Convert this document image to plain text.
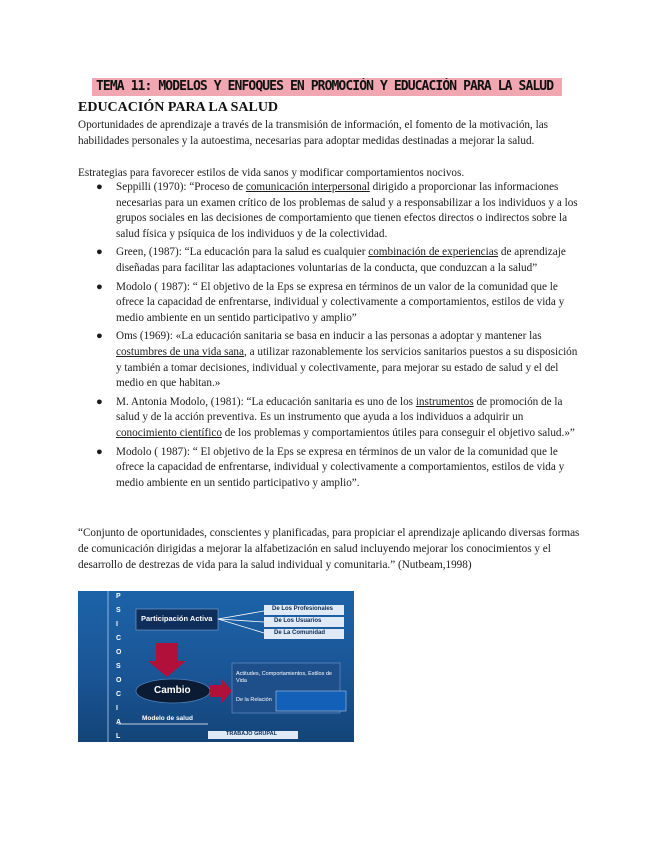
TEMA 11: MODELOS Y ENFOQUES EN PROMOCIÓN Y EDUCACIÓN PARA LA SALUD
EDUCACIÓN PARA LA SALUD

Oportunidades de aprendizaje a través de la transmisión de información, el fomento de la motivación, las habilidades personales y la autoestima, necesarias para adoptar medidas destinadas a mejorar la salud.

Estrategias para favorecer estilos de vida sanos y modificar comportamientos nocivos.

● Seppilli (1970): “Proceso de comunicación interpersonal dirigido a proporcionar las informaciones necesarias para un examen crítico de los problemas de salud y a responsabilizar a los individuos y a los grupos sociales en las decisiones de comportamiento que tienen efectos directos o indirectos sobre la salud física y psíquica de los individuos y de la colectividad.
● Green, (1987): “La educación para la salud es cualquier combinación de experiencias de aprendizaje diseñadas para facilitar las adaptaciones voluntarias de la conducta, que conduzcan a la salud”
● Modolo ( 1987): “ El objetivo de la Eps se expresa en términos de un valor de la comunidad que le ofrece la capacidad de enfrentarse, individual y colectivamente a comportamientos, estilos de vida y medio ambiente en un sentido participativo y amplio”
● Oms (1969): «La educación sanitaria se basa en inducir a las personas a adoptar y mantener las costumbres de una vida sana, a utilizar razonablemente los servicios sanitarios puestos a su disposición y también a tomar decisiones, individual y colectivamente, para mejorar su estado de salud y el del medio en que habitan.»
● M. Antonia Modolo, (1981): “La educación sanitaria es uno de los instrumentos de promoción de la salud y de la acción preventiva. Es un instrumento que ayuda a los individuos a adquirir un conocimiento científico de los problemas y comportamientos útiles para conseguir el objetivo salud.»”
● Modolo ( 1987): “ El objetivo de la Eps se expresa en términos de un valor de la comunidad que le ofrece la capacidad de enfrentarse, individual y colectivamente a comportamientos, estilos de vida y medio ambiente en un sentido participativo y amplio”.

“Conjunto de oportunidades, conscientes y planificadas, para propiciar el aprendizaje aplicando diversas formas de comunicación dirigidas a mejorar la alfabetización en salud incluyendo mejorar los conocimientos y el desarrollo de destrezas de vida para la salud individual y comunitaria.” (Nutbeam,1998)

P
S
I
C
O
S
O
C
I
A
L
Participación Activa
De Los Profesionales
De Los Usuarios
De La Comunidad
Cambio
Actitudes, Comportamientos, Estilos de Vida
De la Relación
Modelo de salud
TRABAJO GRUPAL
